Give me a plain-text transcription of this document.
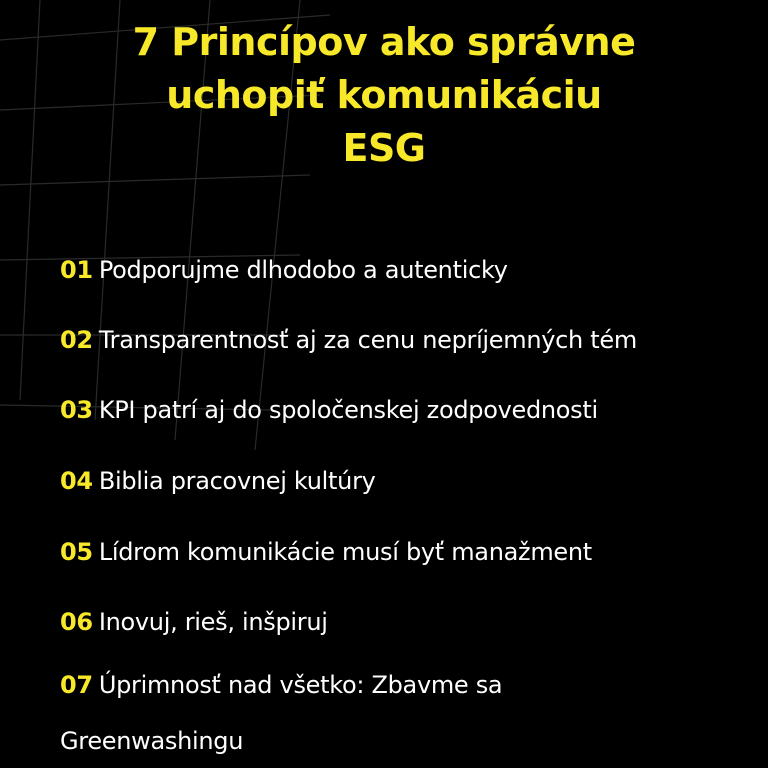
7 Princípov ako správne
uchopiť komunikáciu
ESG
01 Podporujme dlhodobo a autenticky
02 Transparentnosť aj za cenu nepríjemných tém
03 KPI patrí aj do spoločenskej zodpovednosti
04 Biblia pracovnej kultúry
05 Lídrom komunikácie musí byť manažment
06 Inovuj, rieš, inšpiruj
07 Úprimnosť nad všetko: Zbavme sa
Greenwashingu
